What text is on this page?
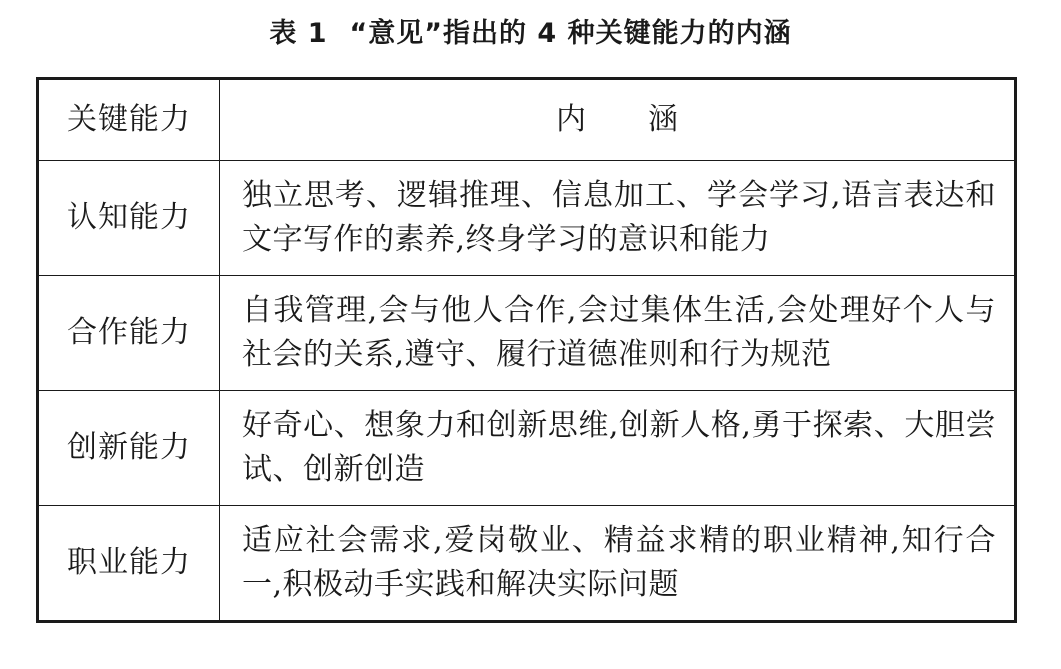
表 1 “意见”指出的 4 种关键能力的内涵
关键能力	内涵
认知能力	独立思考、逻辑推理、信息加工、学会学习,语言表达和文字写作的素养,终身学习的意识和能力
合作能力	自我管理,会与他人合作,会过集体生活,会处理好个人与社会的关系,遵守、履行道德准则和行为规范
创新能力	好奇心、想象力和创新思维,创新人格,勇于探索、大胆尝试、创新创造
职业能力	适应社会需求,爱岗敬业、精益求精的职业精神,知行合一,积极动手实践和解决实际问题
